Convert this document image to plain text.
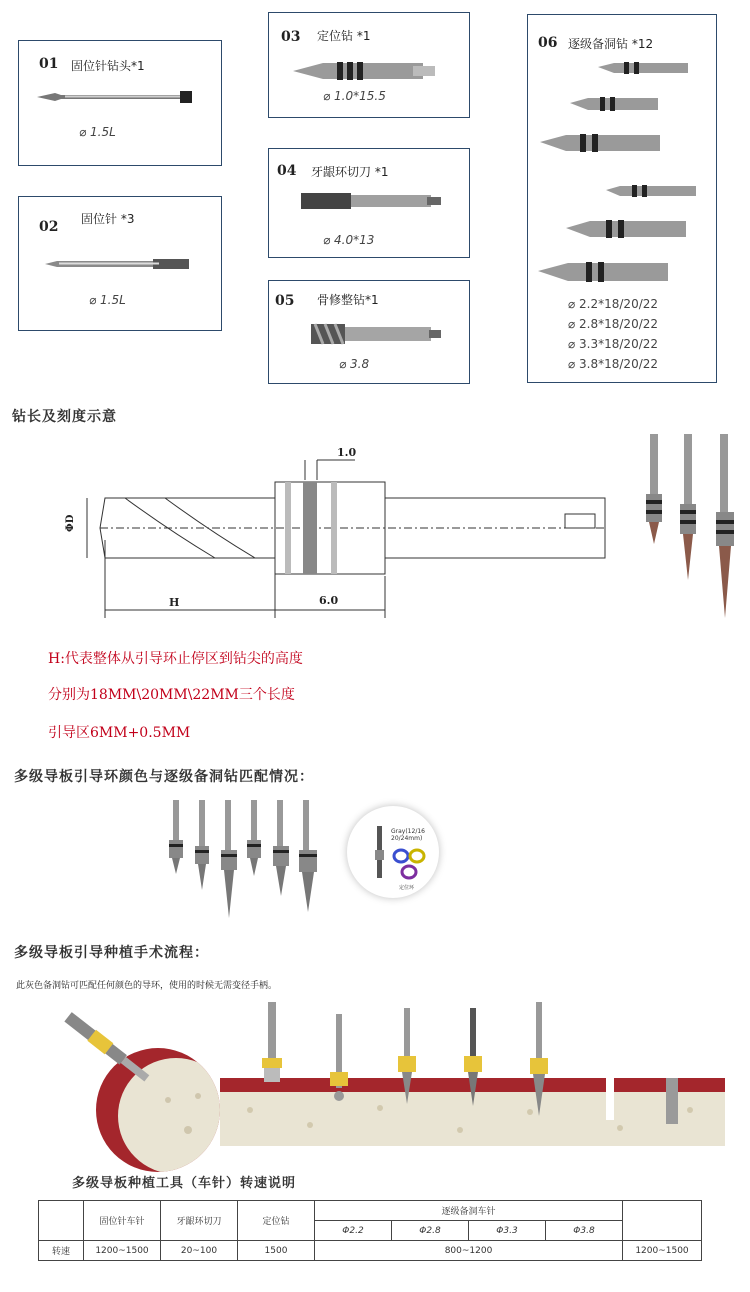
01 固位针钻头*1
⌀ 1.5L
02 固位针 *3
⌀ 1.5L
03 定位钻 *1
⌀ 1.0*15.5
04 牙龈环切刀 *1
⌀ 4.0*13
05 骨修整钻*1
⌀ 3.8
06 逐级备洞钻 *12
⌀ 2.2*18/20/22
⌀ 2.8*18/20/22
⌀ 3.3*18/20/22
⌀ 3.8*18/20/22
钻长及刻度示意
1.0
ΦD
H	6.0
H:代表整体从引导环止停区到钻尖的高度
分别为18MM\20MM\22MM三个长度
引导区6MM+0.5MM
多级导板引导环颜色与逐级备洞钻匹配情况：
Gray(12/16 20/24mm)
定位环
多级导板引导种植手术流程：
此灰色备洞钻可匹配任何颜色的导环，使用的时候无需变径手柄。
多级导板种植工具（车针）转速说明
	固位针车针	牙龈环切刀	定位钻	逐级备洞车针				
				Φ2.2	Φ2.8	Φ3.3	Φ3.8	
转速	1200~1500	20~100	1500	800~1200				1200~1500
